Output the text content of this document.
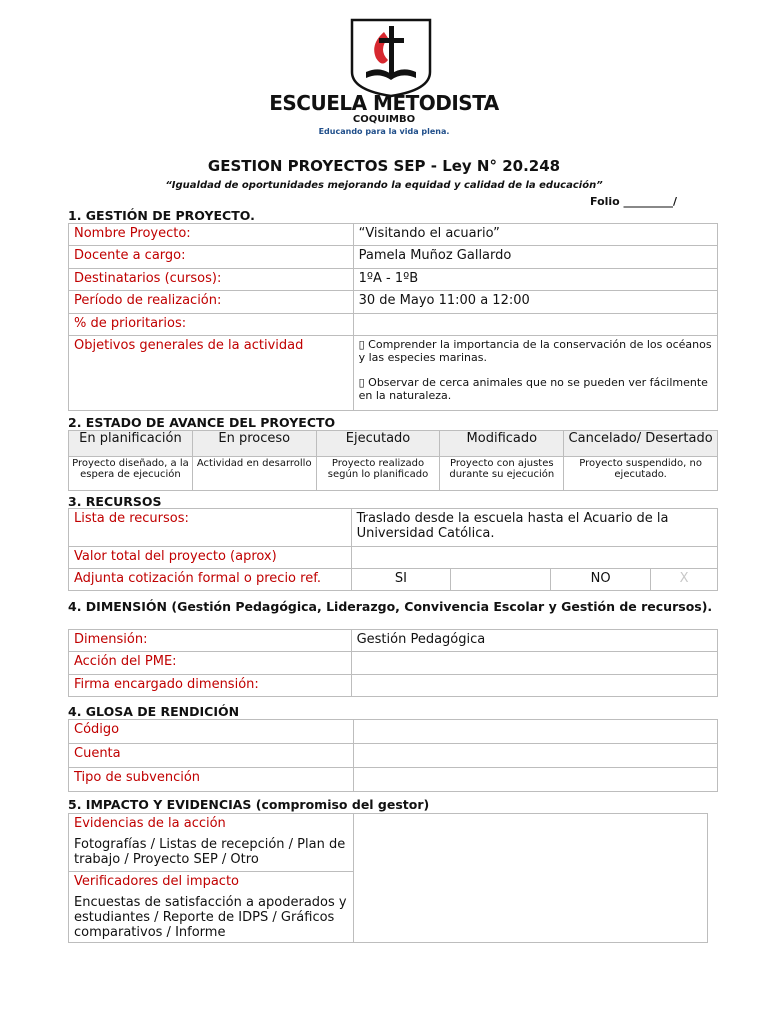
ESCUELA METODISTA
COQUIMBO
Educando para la vida plena.
GESTION PROYECTOS SEP - Ley N° 20.248
“Igualdad de oportunidades mejorando la equidad y calidad de la educación”
Folio _________/
1. GESTIÓN DE PROYECTO.
Nombre Proyecto:	“Visitando el acuario”
Docente a cargo:	Pamela Muñoz Gallardo
Destinatarios (cursos):	1ºA - 1ºB
Período de realización:	30 de Mayo 11:00 a 12:00
% de prioritarios:	
Objetivos generales de la actividad	▯ Comprender la importancia de la conservación de los océanos y las especies marinas.
▯ Observar de cerca animales que no se pueden ver fácilmente en la naturaleza.
2. ESTADO DE AVANCE DEL PROYECTO
En planificación	En proceso	Ejecutado	Modificado	Cancelado/ Desertado
Proyecto diseñado, a la espera de ejecución	Actividad en desarrollo	Proyecto realizado según lo planificado	Proyecto con ajustes durante su ejecución	Proyecto suspendido, no ejecutado.
3. RECURSOS
Lista de recursos:	Traslado desde la escuela hasta el Acuario de la Universidad Católica.			
Valor total del proyecto (aprox)				
Adjunta cotización formal o precio ref.	SI		NO	X
4. DIMENSIÓN (Gestión Pedagógica, Liderazgo, Convivencia Escolar y Gestión de recursos).
Dimensión:	Gestión Pedagógica
Acción del PME:	
Firma encargado dimensión:	
4. GLOSA DE RENDICIÓN
Código	
Cuenta	
Tipo de subvención	
5. IMPACTO Y EVIDENCIAS (compromiso del gestor)
Evidencias de la acción
Fotografías / Listas de recepción / Plan de trabajo / Proyecto SEP / Otro

Verificadores del impacto
Encuestas de satisfacción a apoderados y estudiantes / Reporte de IDPS / Gráficos comparativos / Informe
